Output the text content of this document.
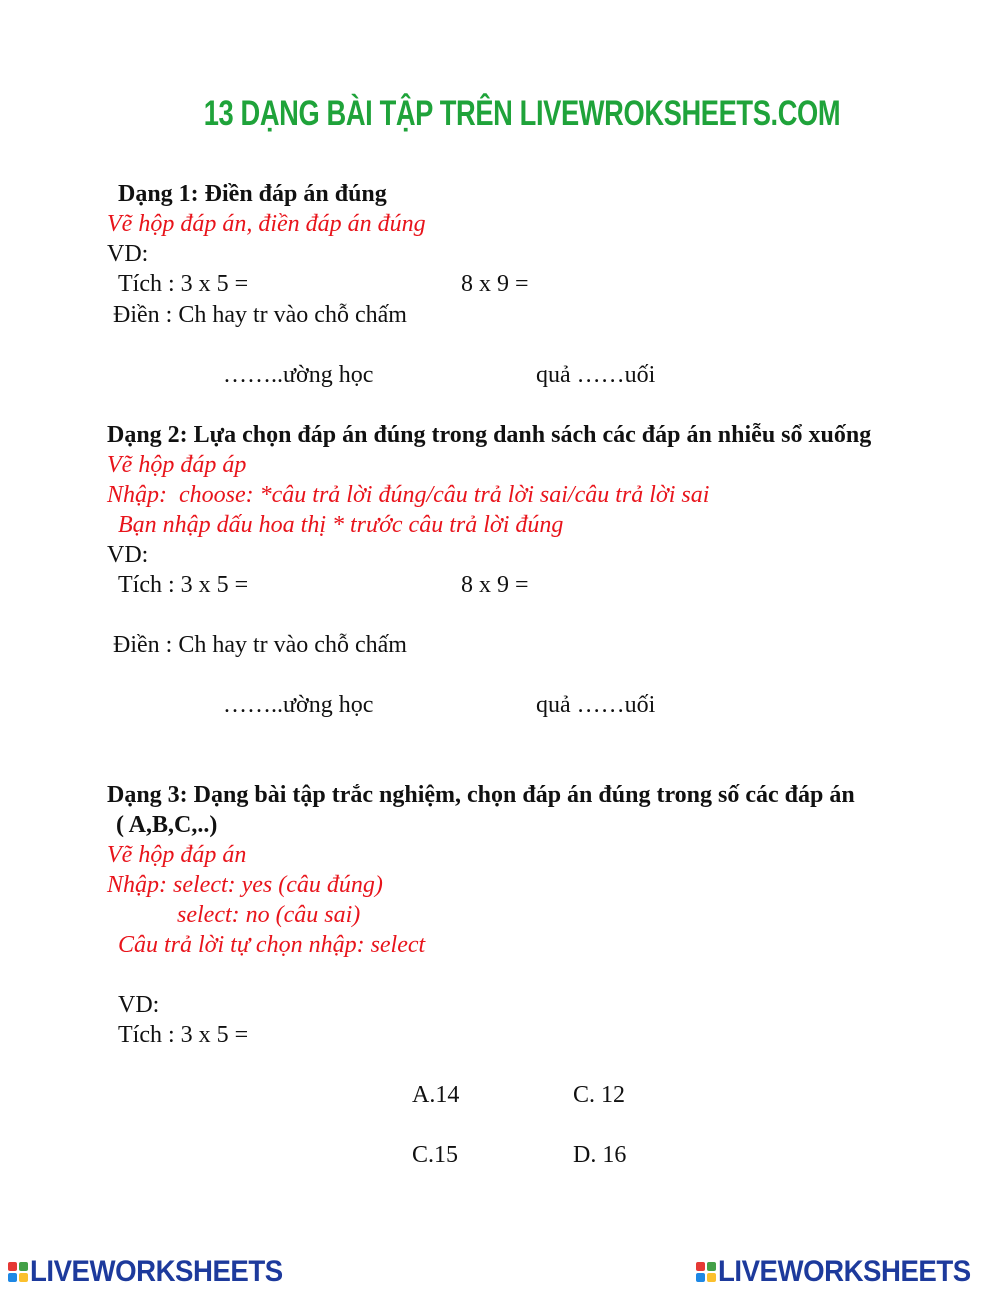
13 DẠNG BÀI TẬP TRÊN LIVEWROKSHEETS.COM
Dạng 1: Điền đáp án đúng
Vẽ hộp đáp án, điền đáp án đúng
VD:
Tích : 3 x 5 =	8 x 9 =
Điền : Ch hay tr vào chỗ chấm
……..ường học	quả ……uối
Dạng 2: Lựa chọn đáp án đúng trong danh sách các đáp án nhiễu sổ xuống
Vẽ hộp đáp áp
Nhập:  choose: *câu trả lời đúng/câu trả lời sai/câu trả lời sai
Bạn nhập dấu hoa thị * trước câu trả lời đúng
VD:
Tích : 3 x 5 =	8 x 9 =
Điền : Ch hay tr vào chỗ chấm
……..ường học	quả ……uối
Dạng 3: Dạng bài tập trắc nghiệm, chọn đáp án đúng trong số các đáp án
( A,B,C,..)
Vẽ hộp đáp án
Nhập: select: yes (câu đúng)
select: no (câu sai)
Câu trả lời tự chọn nhập: select
VD:
Tích : 3 x 5 =
A.14	C. 12
C.15	D. 16
LIVEWORKSHEETS	LIVEWORKSHEETS
